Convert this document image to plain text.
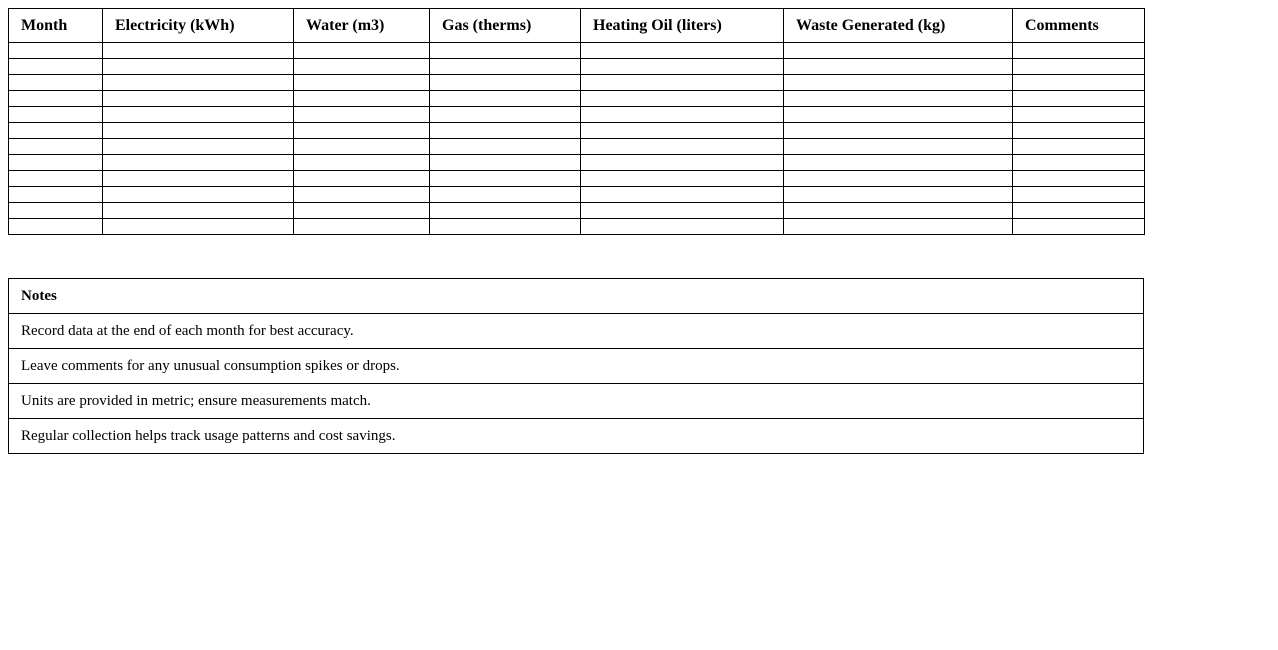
Month	Electricity (kWh)	Water (m3)	Gas (therms)	Heating Oil (liters)	Waste Generated (kg)	Comments

Notes
Record data at the end of each month for best accuracy.
Leave comments for any unusual consumption spikes or drops.
Units are provided in metric; ensure measurements match.
Regular collection helps track usage patterns and cost savings.
